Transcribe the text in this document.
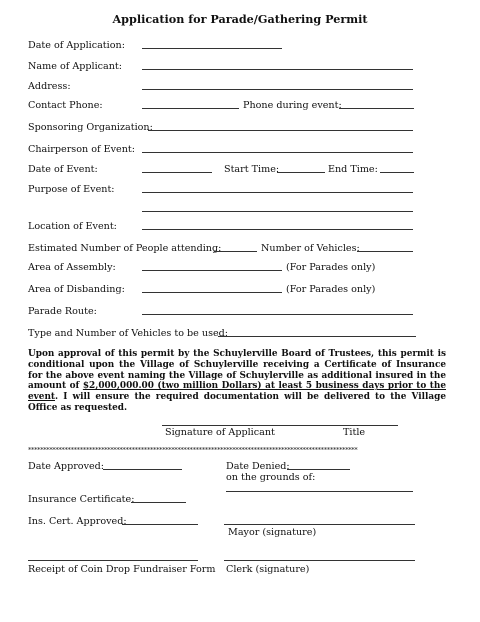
Application for Parade/Gathering Permit
Date of Application:
Name of Applicant:
Address:
Contact Phone:	Phone during event:
Sponsoring Organization:
Chairperson of Event:
Date of Event:	Start Time:	End Time:
Purpose of Event:
Location of Event:
Estimated Number of People attending:	Number of Vehicles:
Area of Assembly:	(For Parades only)
Area of Disbanding:	(For Parades only)
Parade Route:
Type and Number of Vehicles to be used:
Upon approval of this permit by the Schuylerville Board of Trustees, this permit is conditional upon the Village of Schuylerville receiving a Certificate of Insurance for the above event naming the Village of Schuylerville as additional insured in the amount of $2,000,000.00 (two million Dollars) at least 5 business days prior to the event. I will ensure the required documentation will be delivered to the Village Office as requested.
Signature of Applicant	Title
************************************************************************************************************
Date Approved:	Date Denied:
on the grounds of:
Insurance Certificate:
Ins. Cert. Approved:
Mayor (signature)
Receipt of Coin Drop Fundraiser Form Clerk (signature)
